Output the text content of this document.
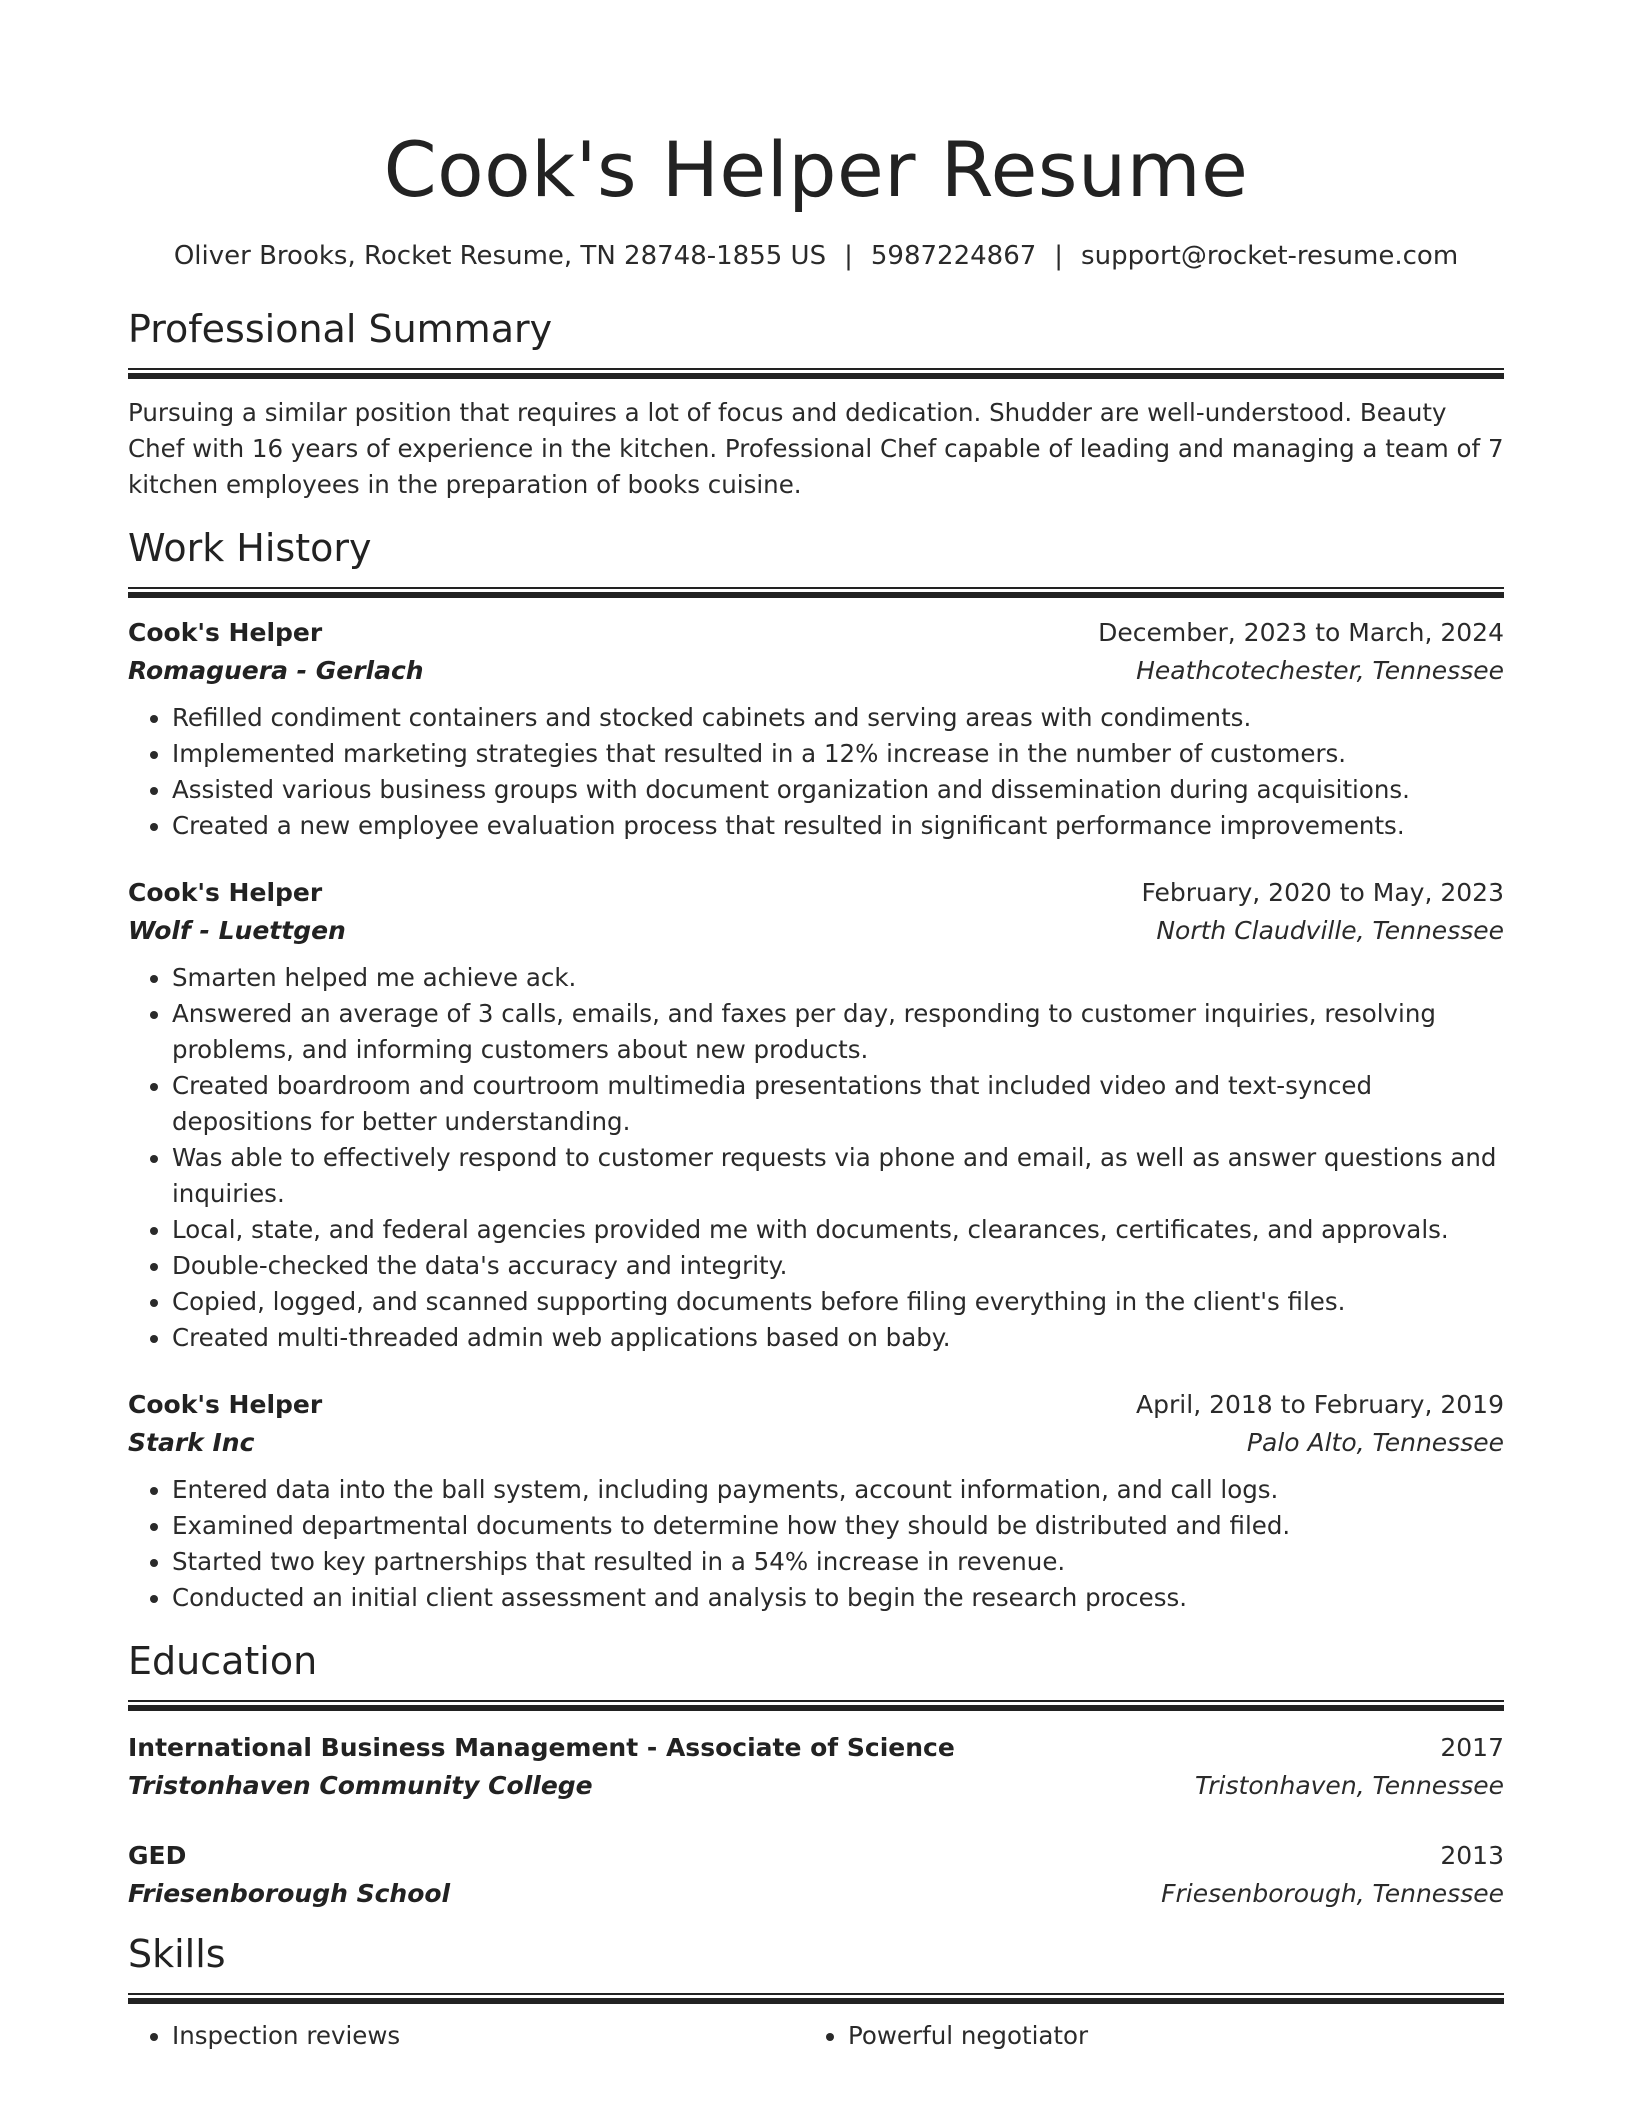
Cook's Helper Resume
Oliver Brooks, Rocket Resume, TN 28748-1855 US | 5987224867 | support@rocket-resume.com
Professional Summary

Pursuing a similar position that requires a lot of focus and dedication. Shudder are well-understood. Beauty Chef with 16 years of experience in the kitchen. Professional Chef capable of leading and managing a team of 7 kitchen employees in the preparation of books cuisine.

Work History
Cook's Helper	December, 2023 to March, 2024
Romaguera - Gerlach	Heathcotechester, Tennessee
• Refilled condiment containers and stocked cabinets and serving areas with condiments.
• Implemented marketing strategies that resulted in a 12% increase in the number of customers.
• Assisted various business groups with document organization and dissemination during acquisitions.
• Created a new employee evaluation process that resulted in significant performance improvements.
Cook's Helper	February, 2020 to May, 2023
Wolf - Luettgen	North Claudville, Tennessee
• Smarten helped me achieve ack.
• Answered an average of 3 calls, emails, and faxes per day, responding to customer inquiries, resolving problems, and informing customers about new products.
• Created boardroom and courtroom multimedia presentations that included video and text-synced depositions for better understanding.
• Was able to effectively respond to customer requests via phone and email, as well as answer questions and inquiries.
• Local, state, and federal agencies provided me with documents, clearances, certificates, and approvals.
• Double-checked the data's accuracy and integrity.
• Copied, logged, and scanned supporting documents before filing everything in the client's files.
• Created multi-threaded admin web applications based on baby.
Cook's Helper	April, 2018 to February, 2019
Stark Inc	Palo Alto, Tennessee
• Entered data into the ball system, including payments, account information, and call logs.
• Examined departmental documents to determine how they should be distributed and filed.
• Started two key partnerships that resulted in a 54% increase in revenue.
• Conducted an initial client assessment and analysis to begin the research process.
Education
International Business Management - Associate of Science	2017
Tristonhaven Community College	Tristonhaven, Tennessee
GED	2013
Friesenborough School	Friesenborough, Tennessee
Skills
• Inspection reviews
•	Powerful negotiator
